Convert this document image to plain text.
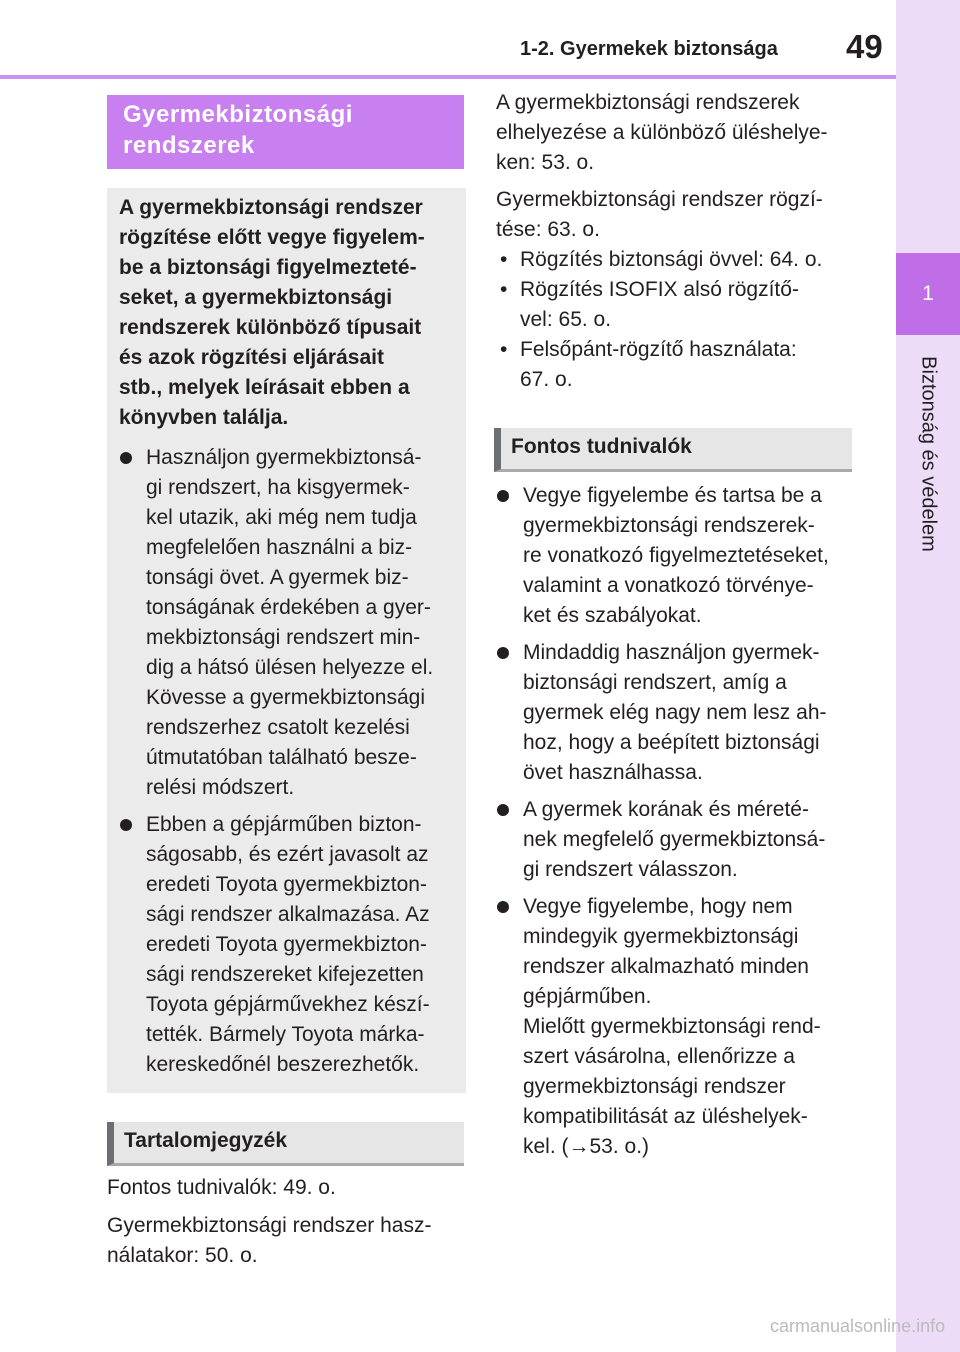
1
Biztonság és védelem
1-2. Gyermekek biztonsága 49
Gyermekbiztonsági
rendszerek
A gyermekbiztonsági rendszer
rögzítése előtt vegye figyelem-
be a biztonsági figyelmezteté-
seket, a gyermekbiztonsági
rendszerek különböző típusait
és azok rögzítési eljárásait
stb., melyek leírásait ebben a
könyvben találja.
Használjon gyermekbiztonsá-
gi rendszert, ha kisgyermek-
kel utazik, aki még nem tudja
megfelelően használni a biz-
tonsági övet. A gyermek biz-
tonságának érdekében a gyer-
mekbiztonsági rendszert min-
dig a hátsó ülésen helyezze el.
Kövesse a gyermekbiztonsági
rendszerhez csatolt kezelési
útmutatóban található besze-
relési módszert.
Ebben a gépjárműben bizton-
ságosabb, és ezért javasolt az
eredeti Toyota gyermekbizton-
sági rendszer alkalmazása. Az
eredeti Toyota gyermekbizton-
sági rendszereket kifejezetten
Toyota gépjárművekhez készí-
tették. Bármely Toyota márka-
kereskedőnél beszerezhetők.
Tartalomjegyzék
Fontos tudnivalók: 49. o.
Gyermekbiztonsági rendszer hasz-
nálatakor: 50. o.
A gyermekbiztonsági rendszerek
elhelyezése a különböző üléshelye-
ken: 53. o.
Gyermekbiztonsági rendszer rögzí-
tése: 63. o.
• Rögzítés biztonsági övvel: 64. o.
• Rögzítés ISOFIX alsó rögzítő-
vel: 65. o.
• Felsőpánt-rögzítő használata:
67. o.
Fontos tudnivalók
Vegye figyelembe és tartsa be a
gyermekbiztonsági rendszerek-
re vonatkozó figyelmeztetéseket,
valamint a vonatkozó törvénye-
ket és szabályokat.
Mindaddig használjon gyermek-
biztonsági rendszert, amíg a
gyermek elég nagy nem lesz ah-
hoz, hogy a beépített biztonsági
övet használhassa.
A gyermek korának és méreté-
nek megfelelő gyermekbiztonsá-
gi rendszert válasszon.
Vegye figyelembe, hogy nem
mindegyik gyermekbiztonsági
rendszer alkalmazható minden
gépjárműben.
Mielőtt gyermekbiztonsági rend-
szert vásárolna, ellenőrizze a
gyermekbiztonsági rendszer
kompatibilitását az üléshelyek-
kel. (→53. o.)
carmanualsonline.info
